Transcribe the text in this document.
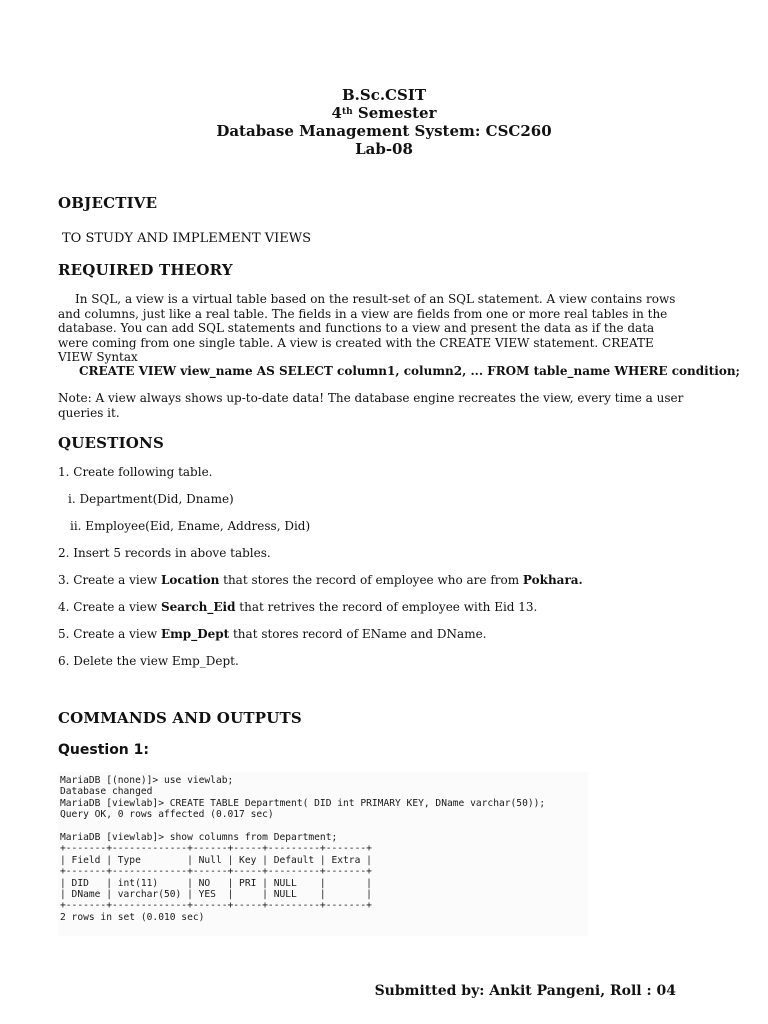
B.Sc.CSIT
4th Semester
Database Management System: CSC260
Lab-08
OBJECTIVE
TO STUDY AND IMPLEMENT VIEWS
REQUIRED THEORY
In SQL, a view is a virtual table based on the result-set of an SQL statement. A view contains rows and columns, just like a real table. The fields in a view are fields from one or more real tables in the database. You can add SQL statements and functions to a view and present the data as if the data were coming from one single table. A view is created with the CREATE VIEW statement. CREATE VIEW Syntax
CREATE VIEW view_name AS SELECT column1, column2, ... FROM table_name WHERE condition;
Note: A view always shows up-to-date data! The database engine recreates the view, every time a user queries it.
QUESTIONS
1. Create following table.
i. Department(Did, Dname)
ii. Employee(Eid, Ename, Address, Did)
2. Insert 5 records in above tables.
3. Create a view Location that stores the record of employee who are from Pokhara.
4. Create a view Search_Eid that retrives the record of employee with Eid 13.
5. Create a view Emp_Dept that stores record of EName and DName.
6. Delete the view Emp_Dept.
COMMANDS AND OUTPUTS
Question 1:
MariaDB [(none)]> use viewlab;
Database changed
MariaDB [viewlab]> CREATE TABLE Department( DID int PRIMARY KEY, DName varchar(50));
Query OK, 0 rows affected (0.017 sec)

MariaDB [viewlab]> show columns from Department;
+-------+-------------+------+-----+---------+-------+
| Field | Type        | Null | Key | Default | Extra |
+-------+-------------+------+-----+---------+-------+
| DID   | int(11)     | NO   | PRI | NULL    |       |
| DName | varchar(50) | YES  |     | NULL    |       |
+-------+-------------+------+-----+---------+-------+
2 rows in set (0.010 sec)

Submitted by: Ankit Pangeni, Roll : 04
